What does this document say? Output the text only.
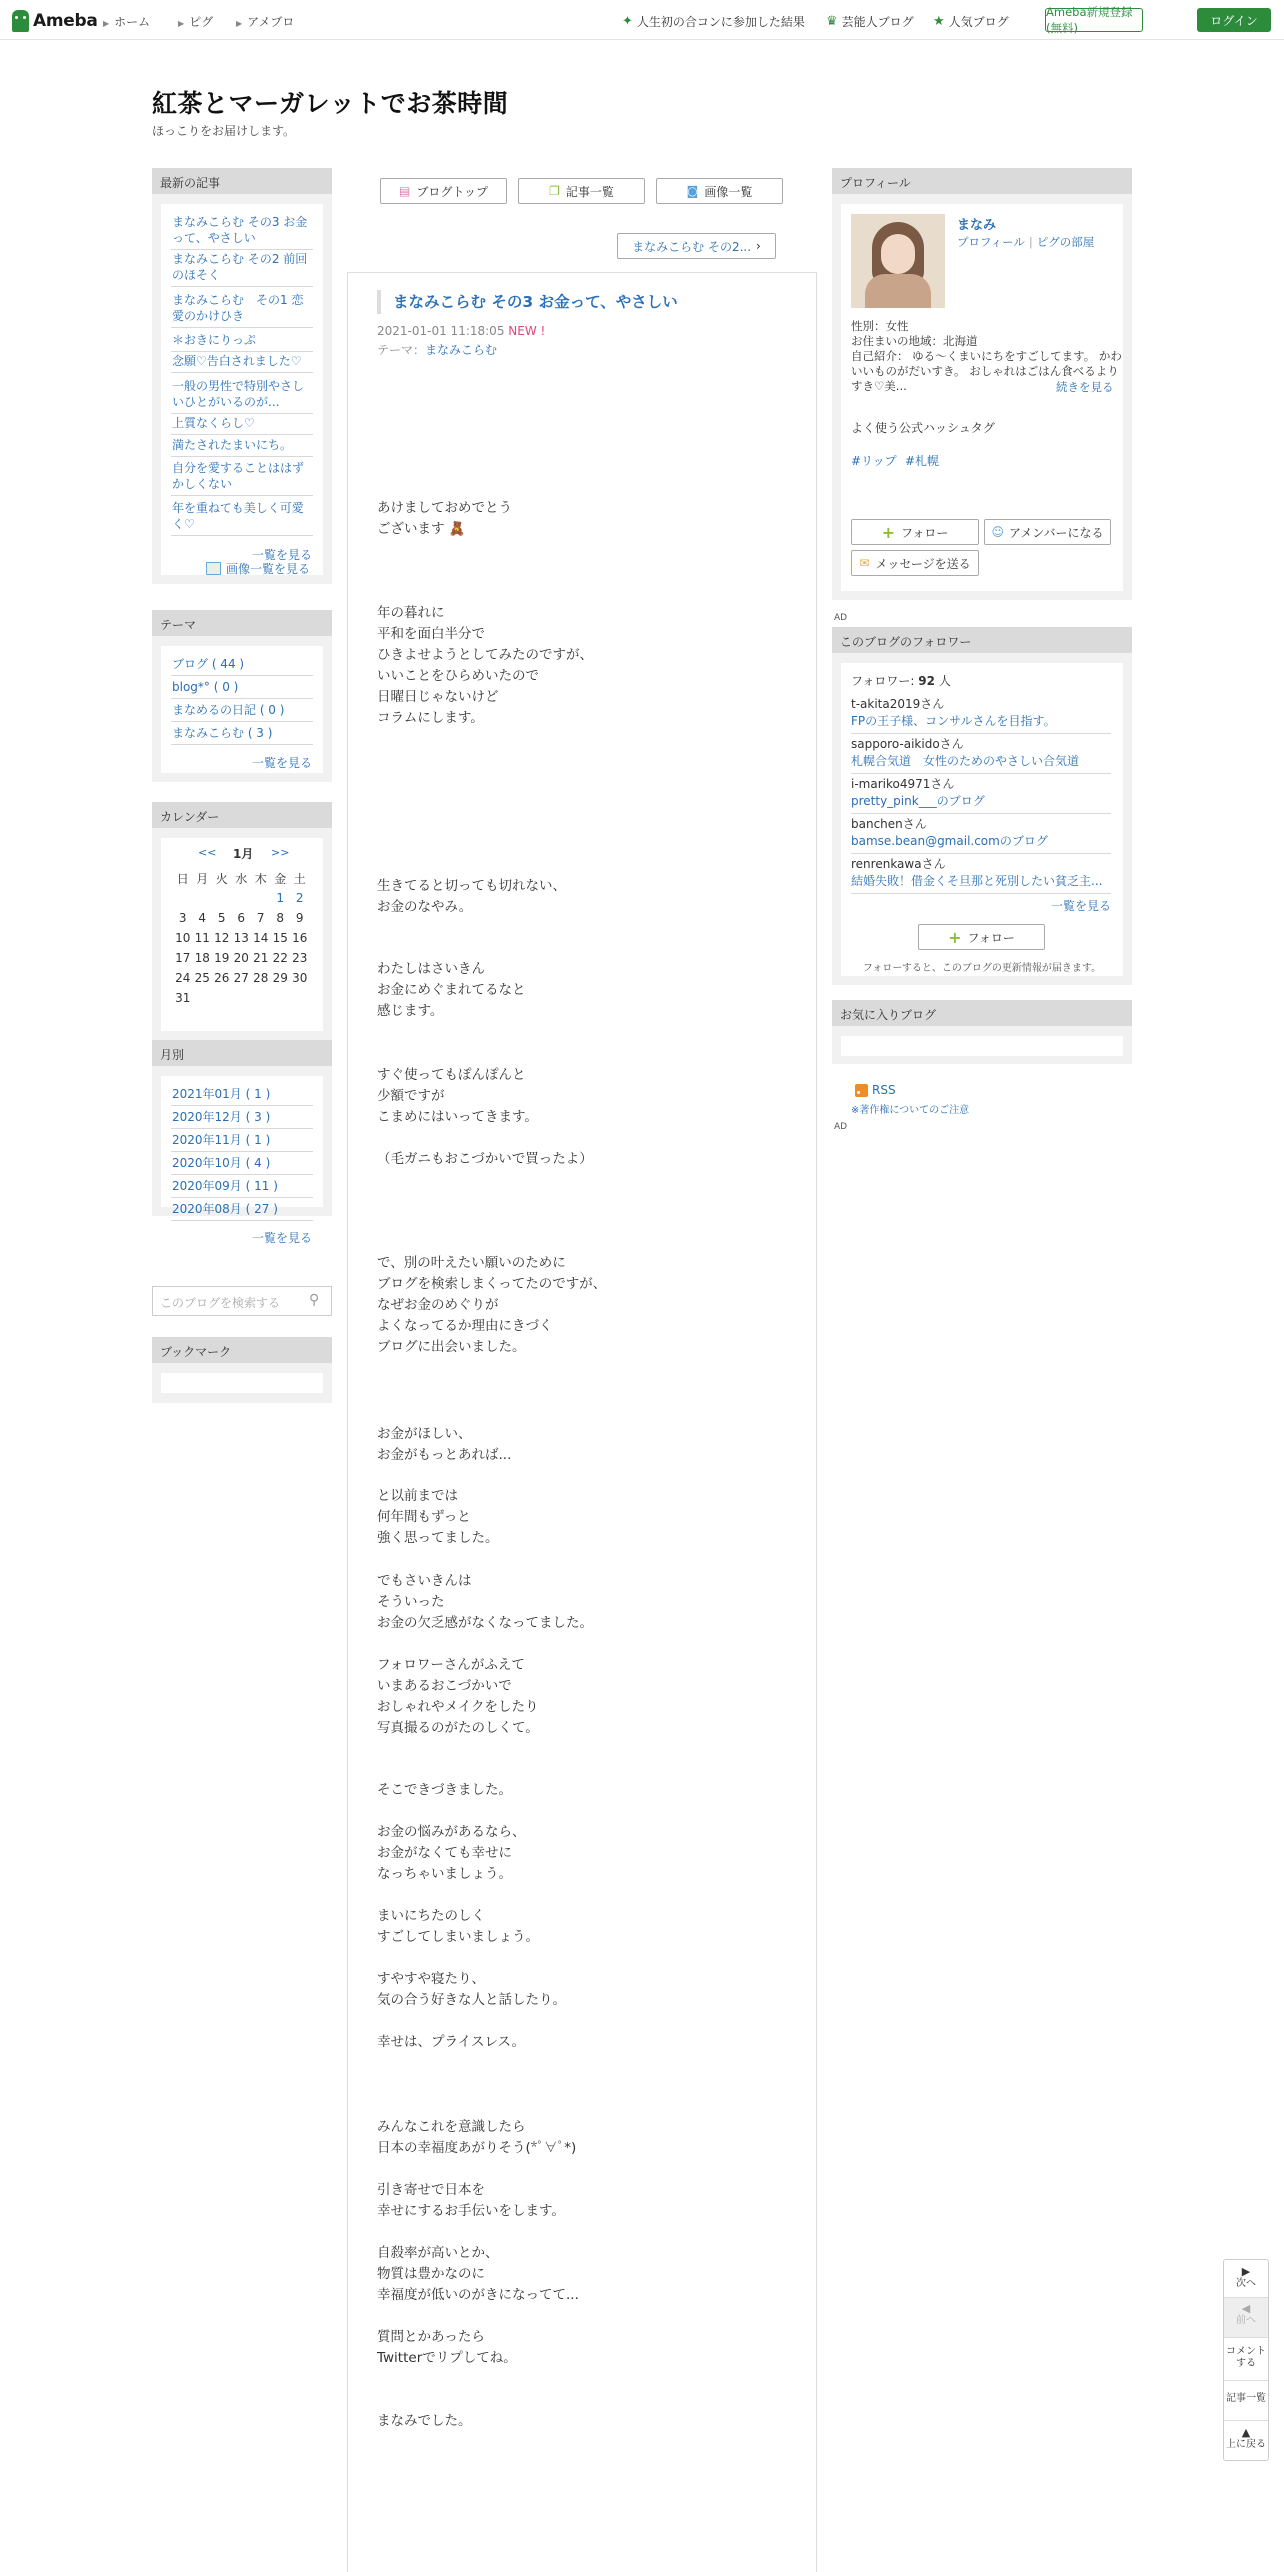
Ameba ▶ ホーム	▶ ピグ	▶ アメブロ	✦ 人生初の合コンに参加した結果 ♛ 芸能人ブログ ★ 人気ブログ
Ameba新規登録(無料)
ログイン
紅茶とマーガレットでお茶時間
ほっこりをお届けします。
最新の記事
まなみこらむ その3 お金
って、やさしい
まなみこらむ その2 前回
のほそく
まなみこらむ　その1 恋
愛のかけひき
＊おきにりっぷ
念願♡告白されました♡
一般の男性で特別やさし
いひとがいるのが...
上質なくらし♡
満たされたまいにち。
自分を愛することははず
かしくない
年を重ねても美しく可愛
く♡
一覧を見る
画像一覧を見る
テーマ
ブログ ( 44 )
blog*° ( 0 )
まなめるの日記 ( 0 )
まなみこらむ ( 3 )
一覧を見る
カレンダー
<< 1月 >>
日	月	火	水	木	金	土
					1	2
3	4	5	6	7	8	9
10	11	12	13	14	15	16
17	18	19	20	21	22	23
24	25	26	27	28	29	30
31						
月別
2021年01月 ( 1 )
2020年12月 ( 3 )
2020年11月 ( 1 )
2020年10月 ( 4 )
2020年09月 ( 11 )
2020年08月 ( 27 )
一覧を見る
このブログを検索する ⚲
ブックマーク
▤ ブログトップ	❐ 記事一覧	◙ 画像一覧
まなみこらむ その2... ›
まなみこらむ その3 お金って、やさしい
2021-01-01 11:18:05 NEW !
テーマ：まなみこらむ
あけましておめでとう
ございます 🧸
年の暮れに
平和を面白半分で
ひきよせようとしてみたのですが、
いいことをひらめいたので
日曜日じゃないけど
コラムにします。
生きてると切っても切れない、
お金のなやみ。
わたしはさいきん
お金にめぐまれてるなと
感じます。
すぐ使ってもぽんぽんと
少額ですが
こまめにはいってきます。
（毛ガニもおこづかいで買ったよ）
で、別の叶えたい願いのために
ブログを検索しまくってたのですが、
なぜお金のめぐりが
よくなってるか理由にきづく
ブログに出会いました。
お金がほしい、
お金がもっとあれば...
と以前までは
何年間もずっと
強く思ってました。
でもさいきんは
そういった
お金の欠乏感がなくなってました。
フォロワーさんがふえて
いまあるおこづかいで
おしゃれやメイクをしたり
写真撮るのがたのしくて。
そこできづきました。
お金の悩みがあるなら、
お金がなくても幸せに
なっちゃいましょう。
まいにちたのしく
すごしてしまいましょう。
すやすや寝たり、
気の合う好きな人と話したり。
幸せは、プライスレス。
みんなこれを意識したら
日本の幸福度あがりそう(*ﾟ∀ﾟ*)
引き寄せで日本を
幸せにするお手伝いをします。
自殺率が高いとか、
物質は豊かなのに
幸福度が低いのがきになってて...
質問とかあったら
Twitterでリプしてね。
まなみでした。
プロフィール
まなみ
プロフィール | ピグの部屋
性別：女性
お住まいの地域：北海道
自己紹介： ゆる〜くまいにちをすごしてます。 かわ
いいものがだいすき。 おしゃれはごはん食べるより
すき♡美...	続きを見る
よく使う公式ハッシュタグ
#リップ #札幌
+ フォロー	☺ アメンバーになる
✉ メッセージを送る
AD
このブログのフォロワー
フォロワー: 92 人
t-akita2019さん
FPの王子様、コンサルさんを目指す。
sapporo-aikidoさん
札幌合気道　女性のためのやさしい合気道
i-mariko4971さん
pretty_pink___のブログ
banchenさん
bamse.bean@gmail.comのブログ
renrenkawaさん
結婚失敗！借金くそ旦那と死別したい貧乏主...
一覧を見る
+ フォロー
フォローすると、このブログの更新情報が届きます。
お気に入りブログ
RSS
※著作権についてのご注意
AD
▶
次へ
◀
前へ
コメント
する
記事一覧
▲
上に戻る
